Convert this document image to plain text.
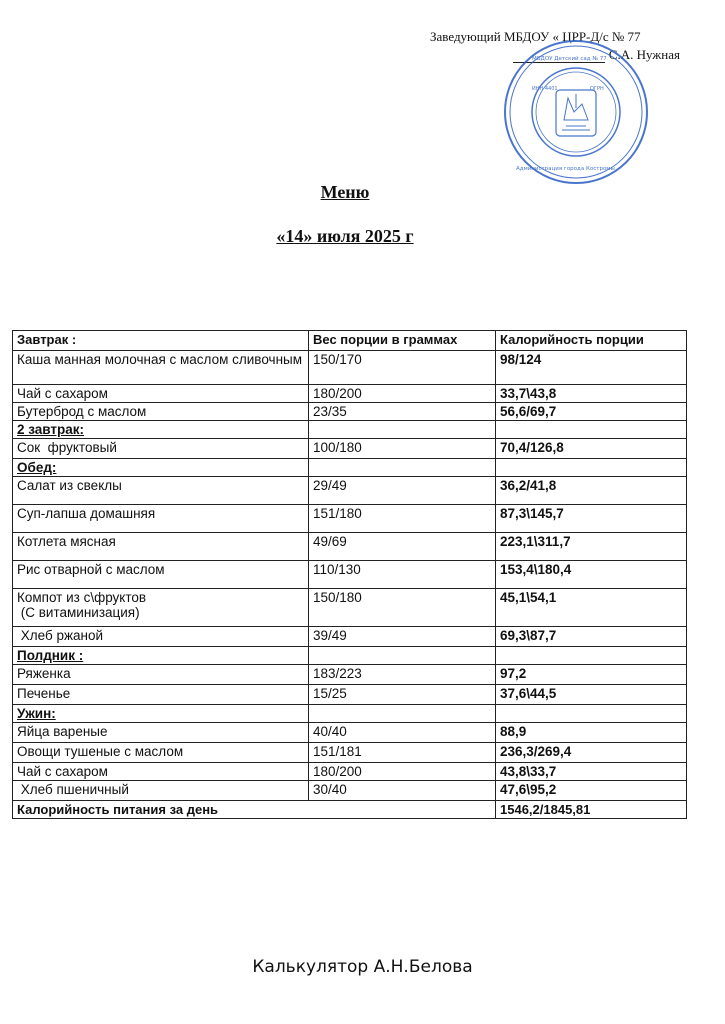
Заведующий МБДОУ « ЦРР-Д/с № 77
С.А. Нужная
МБДОУ Детский сад № 77
Администрация города Костромы
ИНН 4401	ОГРН
Меню
«14» июля 2025 г
Завтрак :	Вес порции в граммах	Калорийность порции
Каша манная молочная с маслом сливочным	150/170	98/124
Чай с сахаром	180/200	33,7\43,8
Бутерброд с маслом	23/35	56,6/69,7
2 завтрак:		
Сок  фруктовый	100/180	70,4/126,8
Обед:		
Салат из свеклы	29/49	36,2/41,8
Суп-лапша домашняя	151/180	87,3\145,7
Котлета мясная	49/69	223,1\311,7
Рис отварной с маслом	110/130	153,4\180,4
Компот из с\фруктов
(С витаминизация)	150/180	45,1\54,1
Хлеб ржаной	39/49	69,3\87,7
Полдник :		
Ряженка	183/223	97,2
Печенье	15/25	37,6\44,5
Ужин:		
Яйца вареные	40/40	88,9
Овощи тушеные с маслом	151/181	236,3/269,4
Чай с сахаром	180/200	43,8\33,7
Хлеб пшеничный	30/40	47,6\95,2
Калорийность питания за день		1546,2/1845,81
Калькулятор А.Н.Белова
